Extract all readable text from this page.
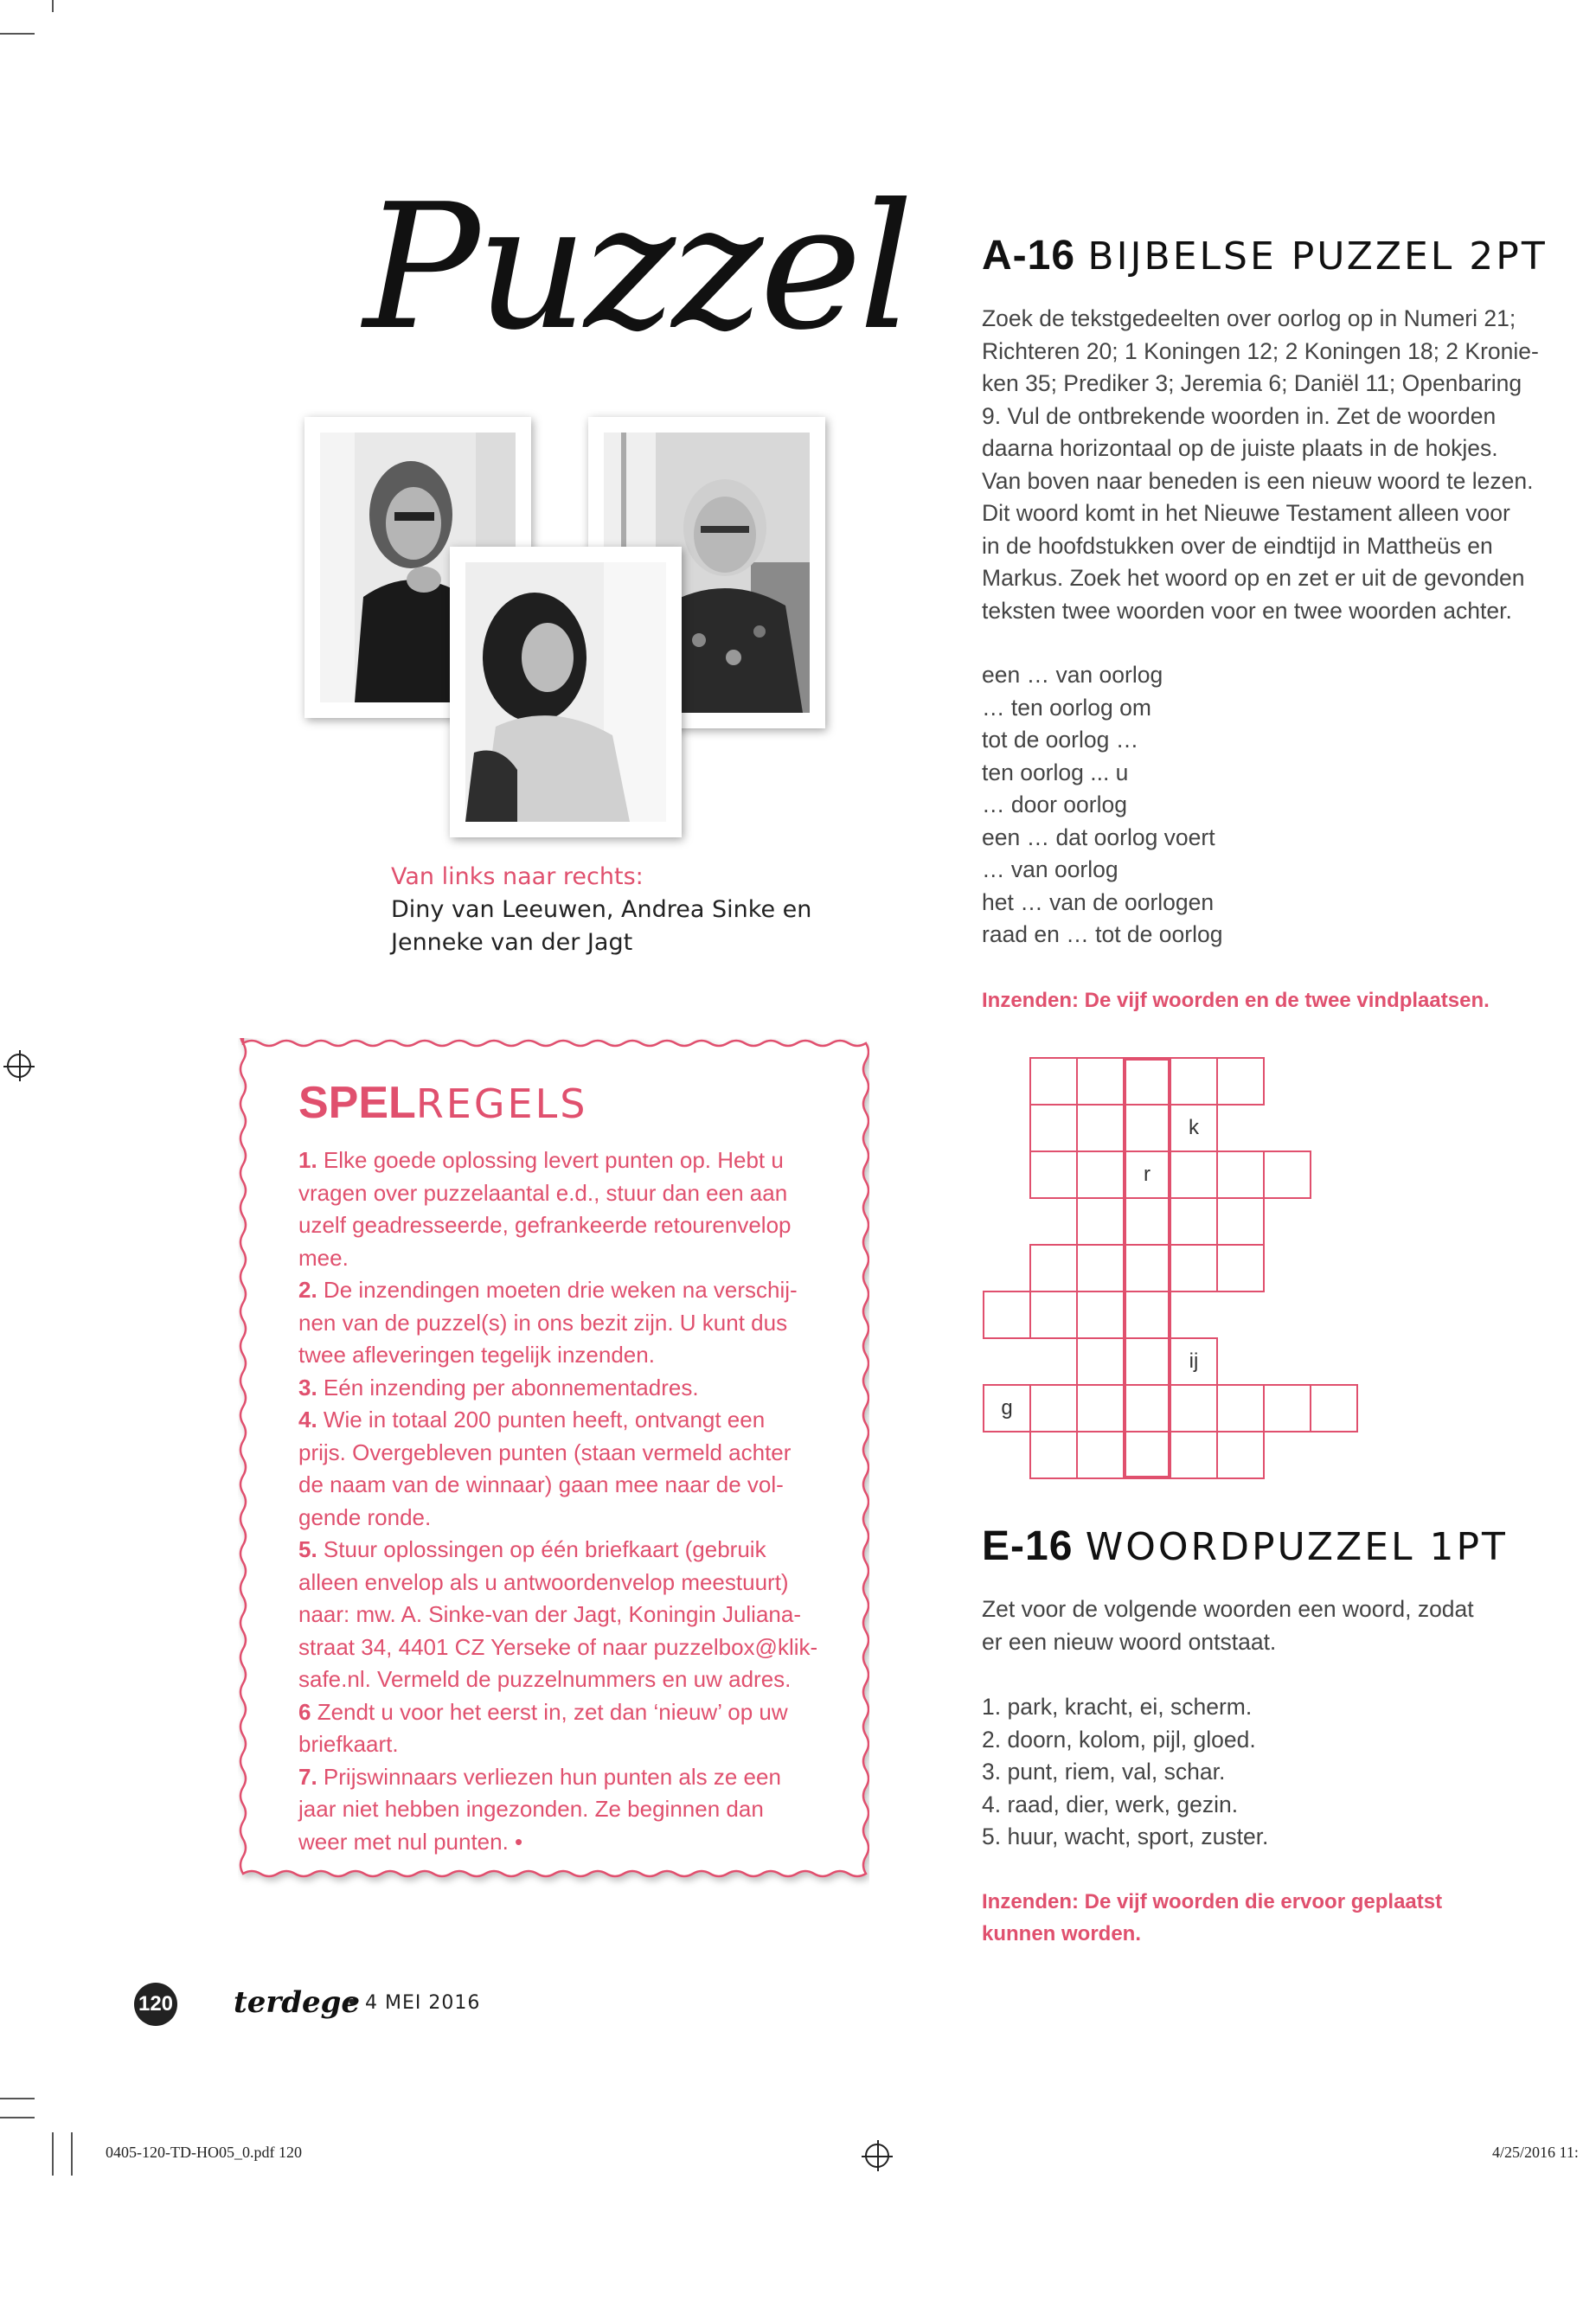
Puzzel
Van links naar rechts:
Diny van Leeuwen, Andrea Sinke en
Jenneke van der Jagt
A-16 BIJBELSE PUZZEL 2PT
Zoek de tekstgedeelten over oorlog op in Numeri 21;
Richteren 20; 1 Koningen 12; 2 Koningen 18; 2 Kronie-
ken 35; Prediker 3; Jeremia 6; Daniël 11; Openbaring
9. Vul de ontbrekende woorden in. Zet de woorden
daarna horizontaal op de juiste plaats in de hokjes.
Van boven naar beneden is een nieuw woord te lezen.
Dit woord komt in het Nieuwe Testament alleen voor
in de hoofdstukken over de eindtijd in Mattheüs en
Markus. Zoek het woord op en zet er uit de gevonden
teksten twee woorden voor en twee woorden achter.
een … van oorlog
… ten oorlog om
tot de oorlog …
ten oorlog ... u
… door oorlog
een … dat oorlog voert
… van oorlog
het … van de oorlogen
raad en … tot de oorlog
Inzenden: De vijf woorden en de twee vindplaatsen.
k
r
ij
g
SPELREGELS
1. Elke goede oplossing levert punten op. Hebt u
vragen over puzzelaantal e.d., stuur dan een aan
uzelf geadresseerde, gefrankeerde retourenvelop
mee.
2. De inzendingen moeten drie weken na verschij-
nen van de puzzel(s) in ons bezit zijn. U kunt dus
twee afleveringen tegelijk inzenden.
3. Eén inzending per abonnementadres.
4. Wie in totaal 200 punten heeft, ontvangt een
prijs. Overgebleven punten (staan vermeld achter
de naam van de winnaar) gaan mee naar de vol-
gende ronde.
5. Stuur oplossingen op één briefkaart (gebruik
alleen envelop als u antwoordenvelop meestuurt)
naar: mw. A. Sinke-van der Jagt, Koningin Juliana-
straat 34, 4401 CZ Yerseke of naar puzzelbox@klik-
safe.nl. Vermeld de puzzelnummers en uw adres.
6 Zendt u voor het eerst in, zet dan ‘nieuw’ op uw
briefkaart.
7. Prijswinnaars verliezen hun punten als ze een
jaar niet hebben ingezonden. Ze beginnen dan
weer met nul punten. •
E-16 WOORDPUZZEL 1PT
Zet voor de volgende woorden een woord, zodat
er een nieuw woord ontstaat.
1. park, kracht, ei, scherm.
2. doorn, kolom, pijl, gloed.
3. punt, riem, val, schar.
4. raad, dier, werk, gezin.
5. huur, wacht, sport, zuster.
Inzenden: De vijf woorden die ervoor geplaatst
kunnen worden.
120 terdege
• 4 MEI 2016
0405-120-TD-HO05_0.pdf 120	4/25/2016 11:
